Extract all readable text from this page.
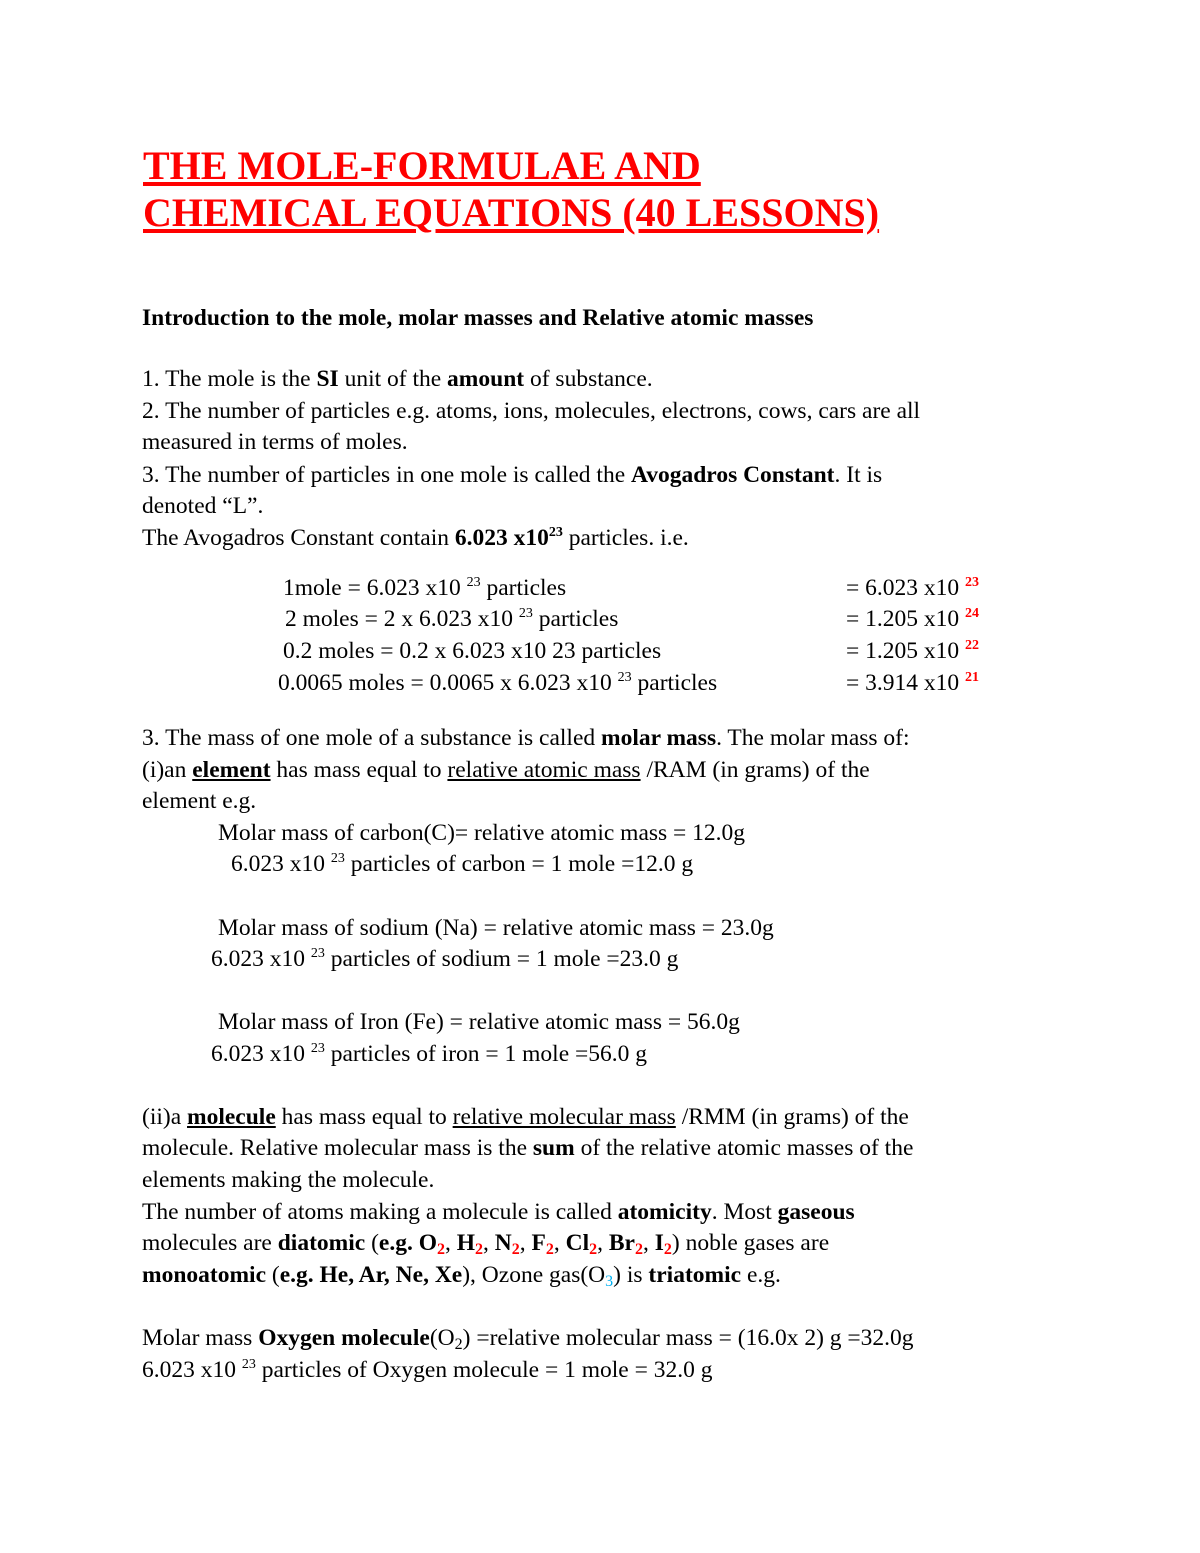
THE MOLE-FORMULAE AND
CHEMICAL EQUATIONS (40 LESSONS)
Introduction to the mole, molar masses and Relative atomic masses
1. The mole is the SI unit of the amount of substance.
2. The number of particles e.g. atoms, ions, molecules, electrons, cows, cars are all
measured in terms of moles.
3. The number of particles in one mole is called the Avogadros Constant. It is
denoted “L”.
The Avogadros Constant contain 6.023 $x10^{23}$ particles. i.e.
1mole = 6.023 x10 $^{23}$ particles	= 6.023 x10 $^{23}$
2 moles = 2 x 6.023 x10 $^{23}$ particles	= 1.205 x10 $^{24}$
0.2 moles = 0.2 x 6.023 x10 23 particles	= 1.205 x10 $^{22}$
0.0065 moles = 0.0065 x 6.023 x10 $^{23}$ particles	= 3.914 x10 $^{21}$
3. The mass of one mole of a substance is called molar mass. The molar mass of:
(i)an element has mass equal to relative atomic mass /RAM (in grams) of the
element e.g.
Molar mass of carbon(C)= relative atomic mass = 12.0g
6.023 x10 $^{23}$ particles of carbon = 1 mole =12.0 g
Molar mass of sodium (Na) = relative atomic mass = 23.0g
6.023 x10 $^{23}$ particles of sodium = 1 mole =23.0 g
Molar mass of Iron (Fe) = relative atomic mass = 56.0g
6.023 x10 $^{23}$ particles of iron = 1 mole =56.0 g
(ii)a molecule has mass equal to relative molecular mass /RMM (in grams) of the
molecule. Relative molecular mass is the sum of the relative atomic masses of the
elements making the molecule.
The number of atoms making a molecule is called atomicity. Most gaseous
molecules are diatomic (e.g. $O_2$, $H_2$, $N_2$, $F_2$, $Cl_2$, $Br_2$, $I_2$) noble gases are
monoatomic (e.g. He, Ar, Ne, Xe), Ozone $gas(O_3)$ is triatomic e.g.
Molar mass Oxygen $molecule(O_2)$ =relative molecular mass = (16.0x 2) g =32.0g
6.023 x10 $^{23}$ particles of Oxygen molecule = 1 mole = 32.0 g
